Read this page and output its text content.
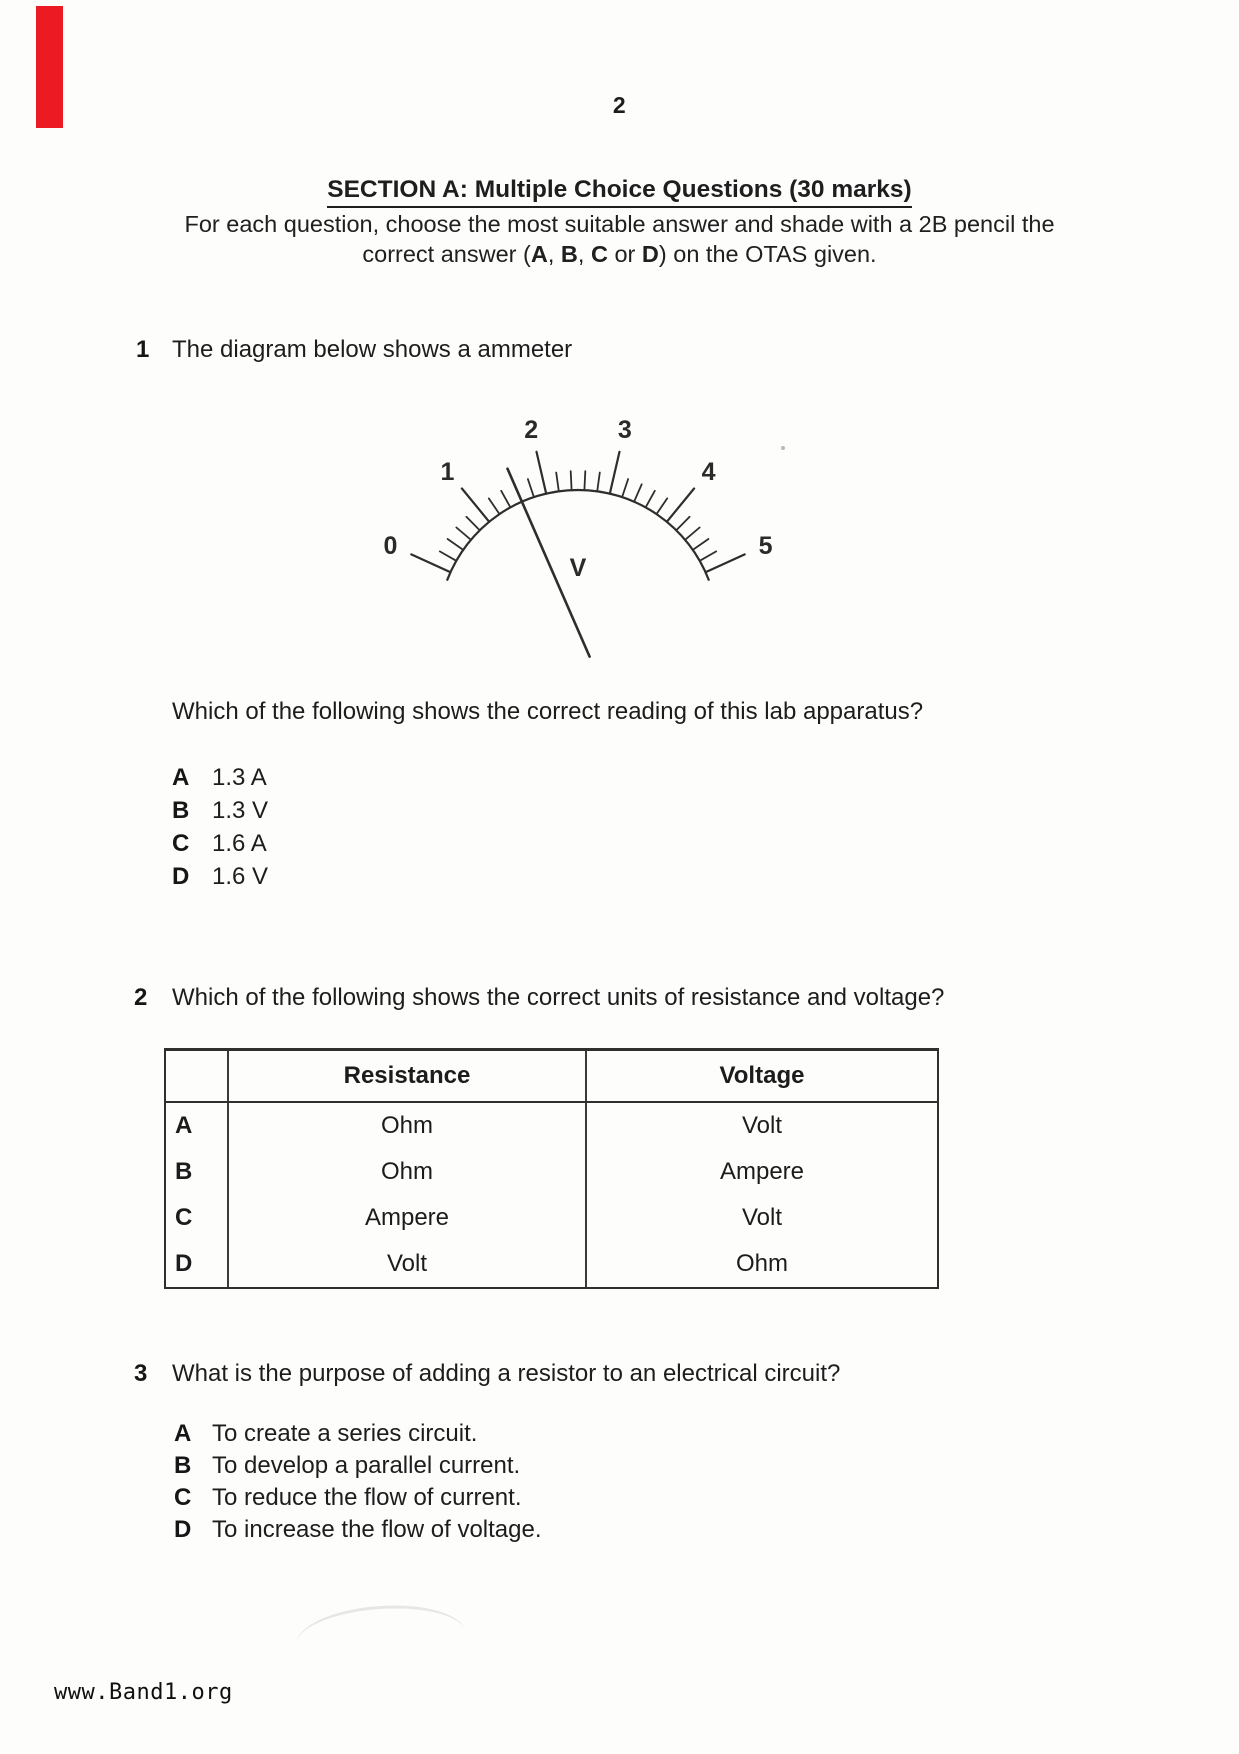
2
SECTION A: Multiple Choice Questions (30 marks)
For each question, choose the most suitable answer and shade with a 2B pencil the
correct answer (A, B, C or D) on the OTAS given.
1 The diagram below shows a ammeter
0
1
2	3
4
5
V
Which of the following shows the correct reading of this lab apparatus?
A 1.3 A
B 1.3 V
C 1.6 A
D 1.6 V
2 Which of the following shows the correct units of resistance and voltage?
	Resistance	Voltage
A	Ohm	Volt
B	Ohm	Ampere
C	Ampere	Volt
D	Volt	Ohm
3 What is the purpose of adding a resistor to an electrical circuit?
A To create a series circuit.
B To develop a parallel current.
C To reduce the flow of current.
D To increase the flow of voltage.
www.Band1.org
